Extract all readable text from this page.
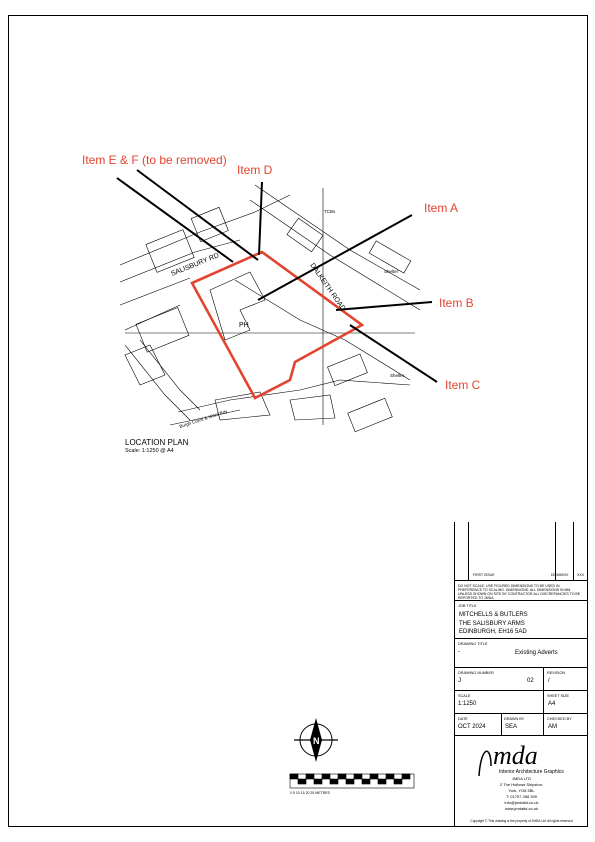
SALISBURY RD	DALKEITH ROAD
PH
Shelter
Shelter
TCBs
Burgh Const & Ward Bdy
N
0 5 10 15 20 25 METRES
Item E & F (to be removed)
Item D
Item A
Item B
Item C
LOCATION PLAN
Scale: 1:1250 @ A4
FIRST ISSUE	DD/MM/XX XXX
DO NOT SCALE. USE FIGURED DIMENSIONS TO BE USED IN PREFERENCE TO SCALING. DIMENSIONS: ALL DIMENSIONS IN MM UNLESS SHOWN ON SITE BY CONTRACTOR ALL DISCREPANCIES TO BE REPORTED TO JMDA
JOB TITLE
MITCHELLS & BUTLERS
THE SALISBURY ARMS
EDINBURGH, EH16 5AD
DRAWING TITLE
-	Existing Adverts
DRAWING NUMBER
J	02
REVISION
/
SCALE
1:1250
SHEET SIZE
A4
DATE
OCT 2024
DRAWN BY
SEA
CHECKED BY
AM
mda
Interior Architecture Graphics
JMDA LTD
2 The Hollows Shipston,
York, YO8 5BL
T: 01757 288 399
info@jmdaltd.co.uk
www.jmdaltd.co.uk
Copyright © This drawing is the property of JMDA Ltd. All rights reserved
